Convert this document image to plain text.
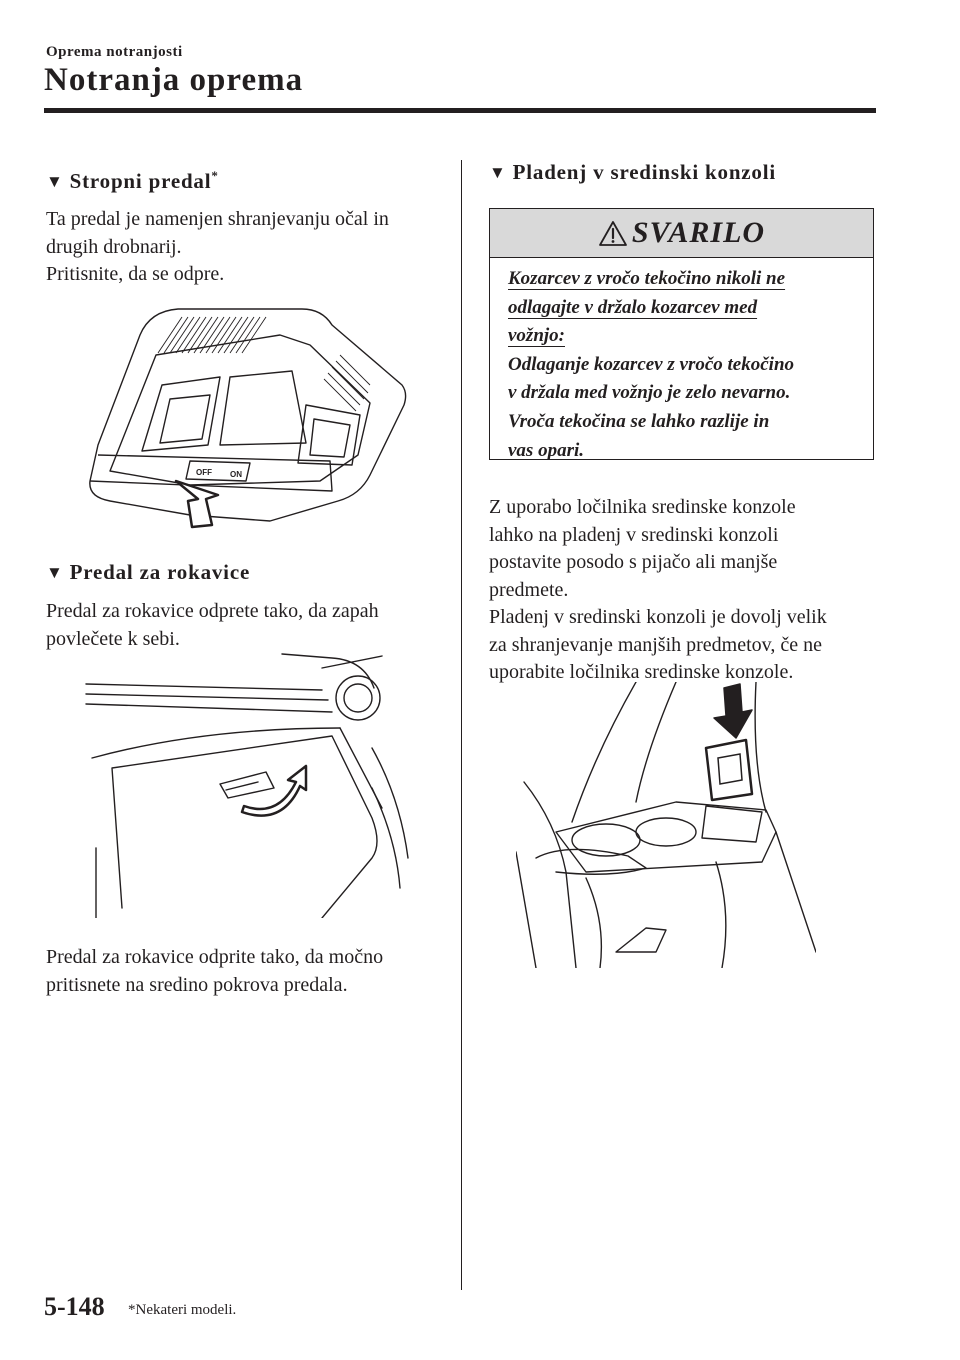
Oprema notranjosti
Notranja oprema
▼ Stropni predal*

Ta predal je namenjen shranjevanju očal in

drugih drobnarij.

Pritisnite, da se odpre.

OFF ON
▼ Predal za rokavice

Predal za rokavice odprete tako, da zapah

povlečete k sebi.

Predal za rokavice odprite tako, da močno

pritisnete na sredino pokrova predala.

▼ Pladenj v sredinski konzoli
SVARILO
Kozarcev z vročo tekočino nikoli ne
odlagajte v držalo kozarcev med
vožnjo:
Odlaganje kozarcev z vročo tekočino
v držala med vožnjo je zelo nevarno.
Vroča tekočina se lahko razlije in
vas opari.

Z uporabo ločilnika sredinske konzole

lahko na pladenj v sredinski konzoli

postavite posodo s pijačo ali manjše

predmete.

Pladenj v sredinski konzoli je dovolj velik

za shranjevanje manjših predmetov, če ne

uporabite ločilnika sredinske konzole.

5-148 *Nekateri modeli.
